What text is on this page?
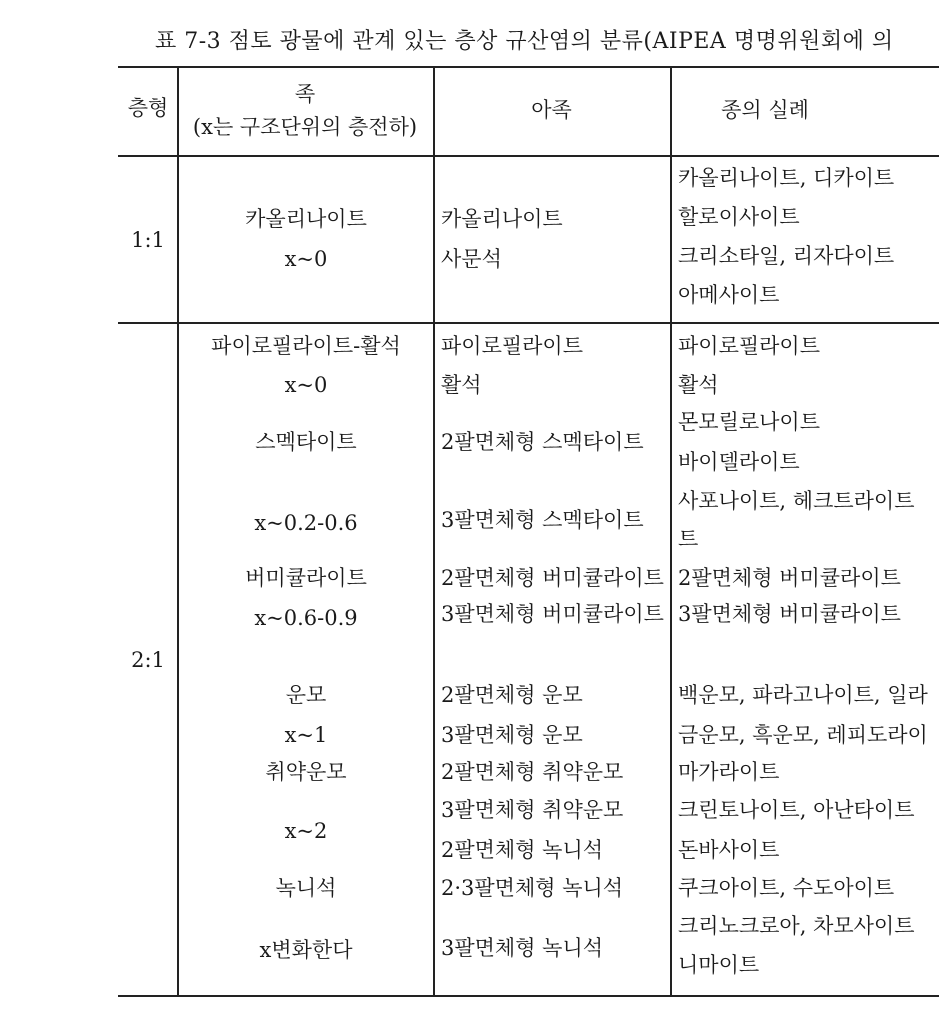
표 7-3 점토 광물에 관계 있는 층상 규산염의 분류(AIPEA 명명위원회에 의
층형
족
(x는 구조단위의 층전하)
아족	종의 실례
1:1
카올리나이트
x~0
카올리나이트
사문석
카올리나이트, 디카이트
할로이사이트
크리소타일, 리자다이트
아메사이트
2:1
파이로필라이트-활석
x~0
스멕타이트
x~0.2-0.6
버미큘라이트
x~0.6-0.9
운모
x~1
취약운모
x~2
녹니석
x변화한다
파이로필라이트
활석
2팔면체형 스멕타이트
3팔면체형 스멕타이트
2팔면체형 버미큘라이트
3팔면체형 버미큘라이트
2팔면체형 운모
3팔면체형 운모
2팔면체형 취약운모
3팔면체형 취약운모
2팔면체형 녹니석
2·3팔면체형 녹니석
3팔면체형 녹니석
파이로필라이트
활석
몬모릴로나이트
바이델라이트
사포나이트, 헤크트라이트
트
2팔면체형 버미큘라이트
3팔면체형 버미큘라이트
백운모, 파라고나이트, 일라
금운모, 흑운모, 레피도라이
마가라이트
크린토나이트, 아난타이트
돈바사이트
쿠크아이트, 수도아이트
크리노크로아, 차모사이트
니마이트
